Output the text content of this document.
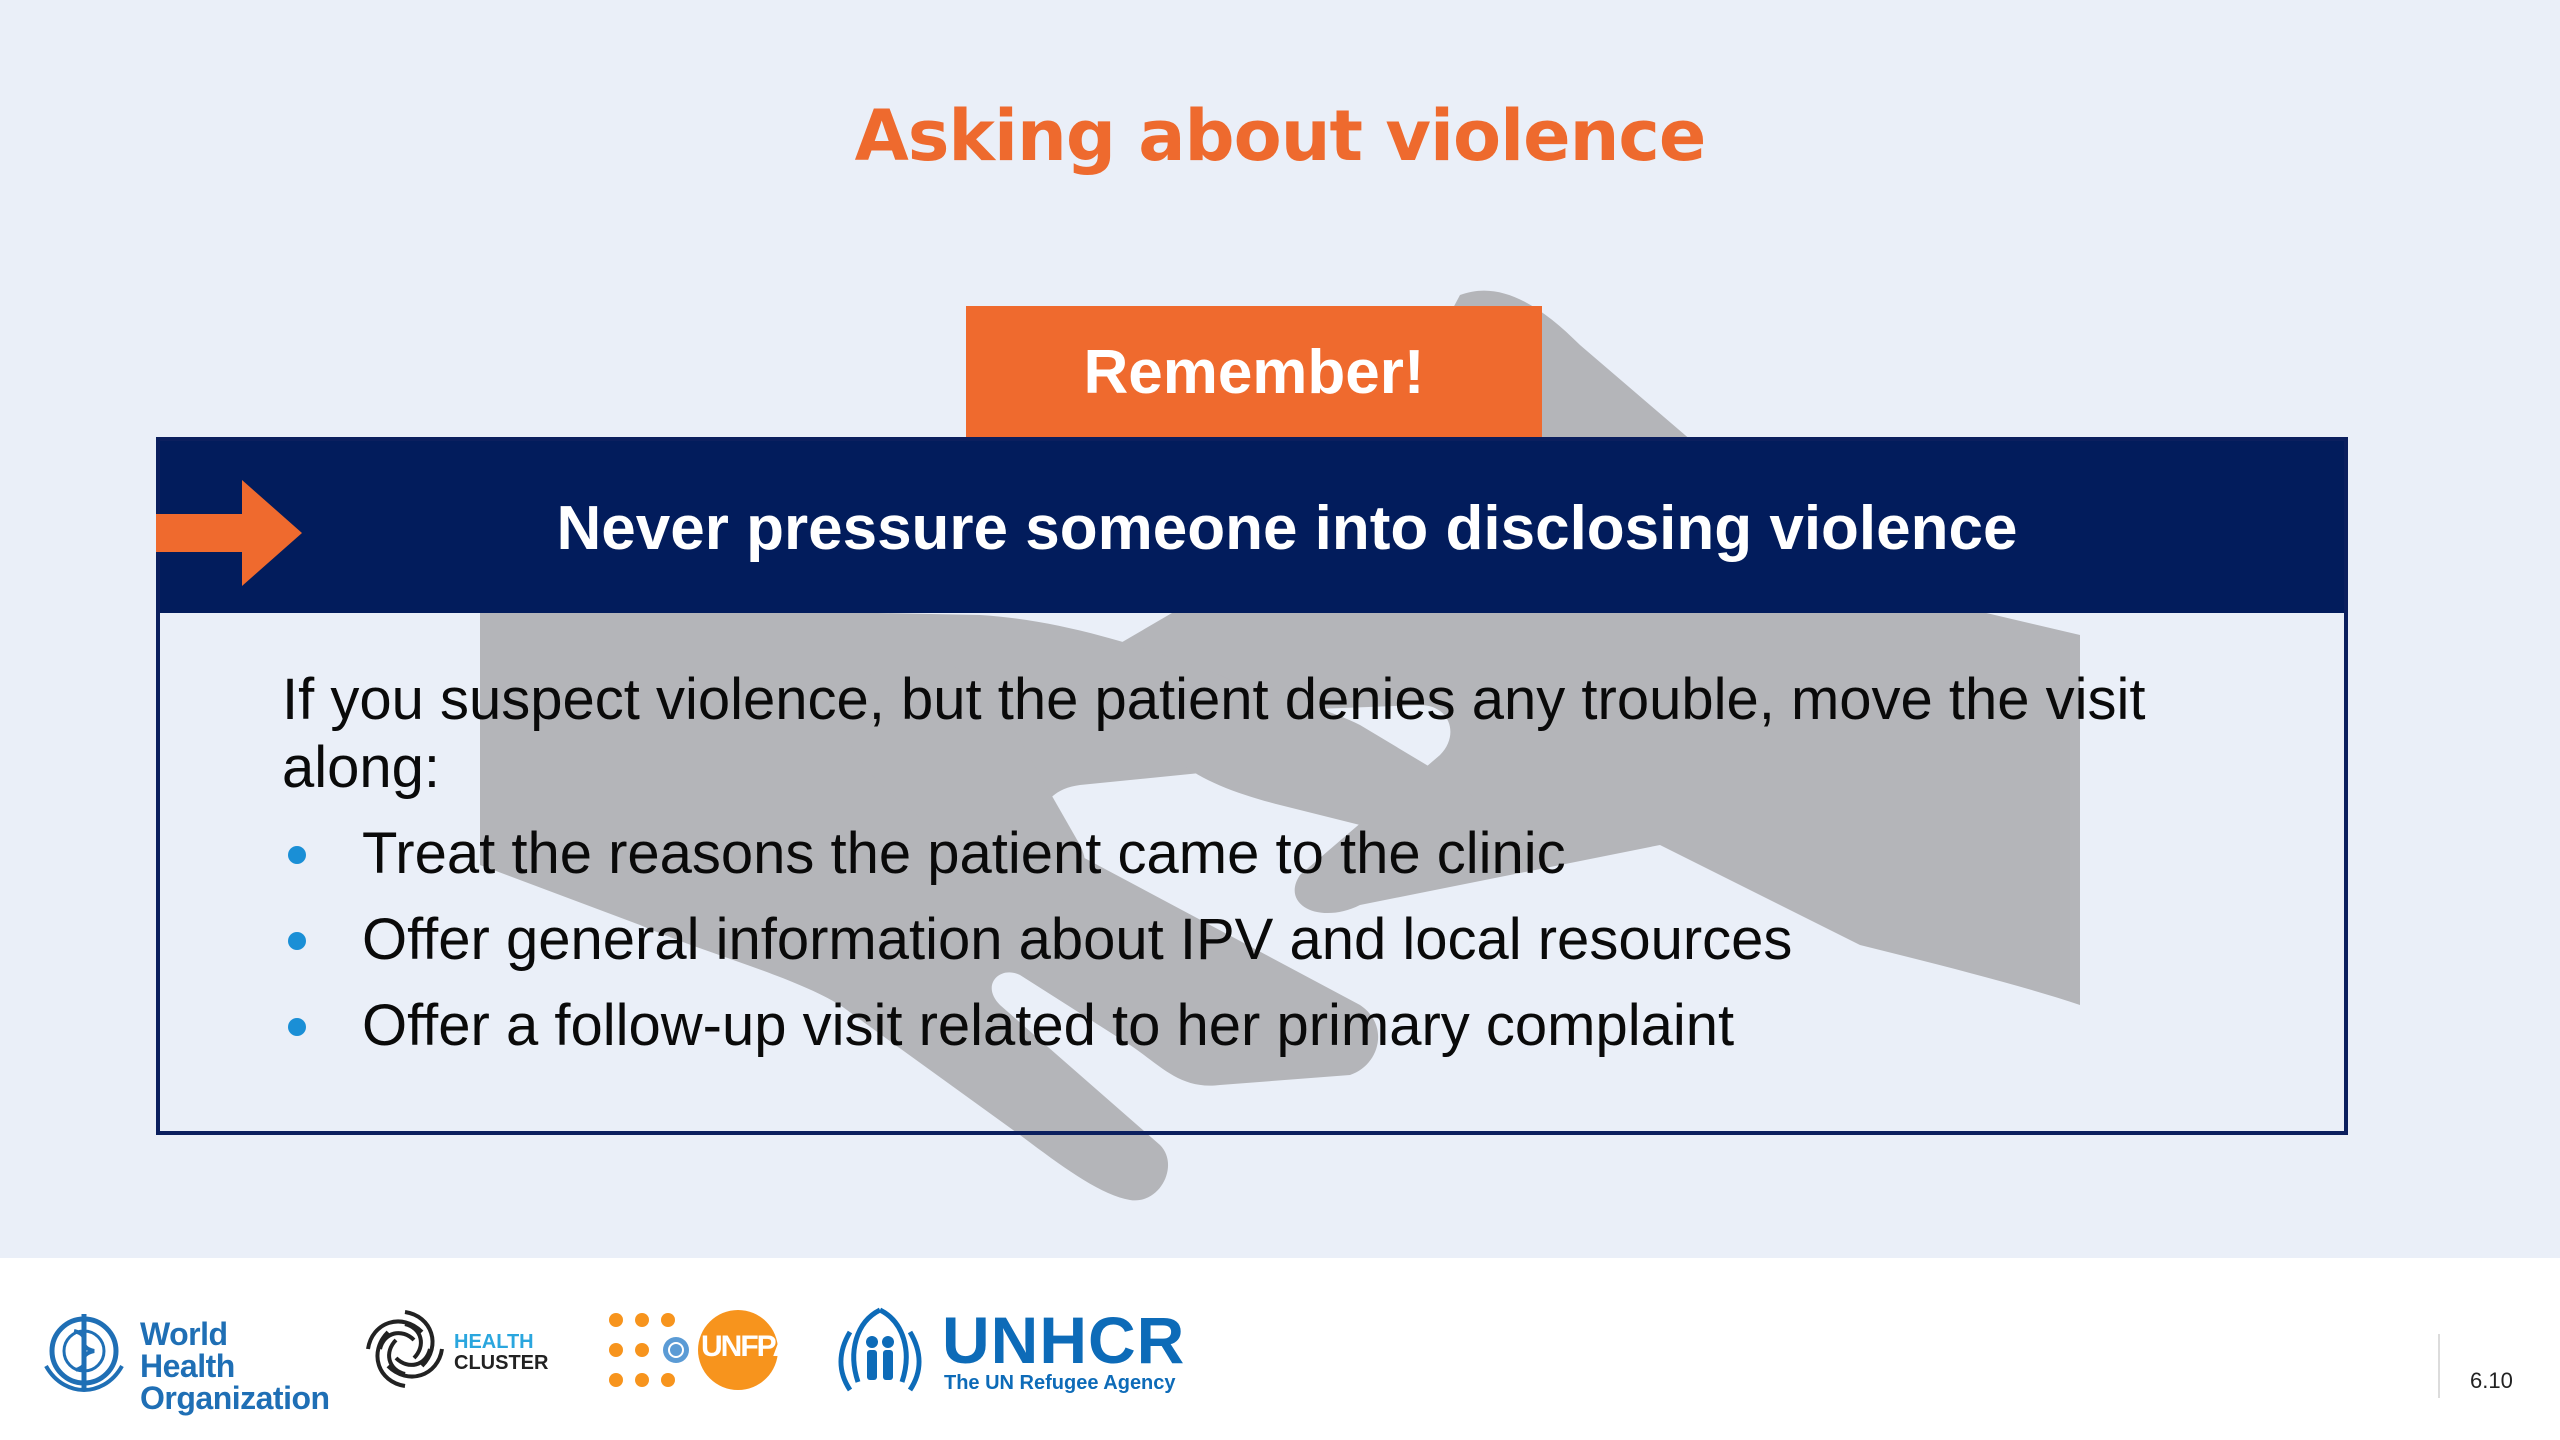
Asking about violence
Remember!
Never pressure someone into disclosing violence

If you suspect violence, but the patient denies any trouble, move the visit along:

Treat the reasons the patient came to the clinic
Offer general information about IPV and local resources
Offer a follow-up visit related to her primary complaint
World Health
Organization
HEALTH
CLUSTER	UNFPA UNHCR
The UN Refugee Agency	6.10
